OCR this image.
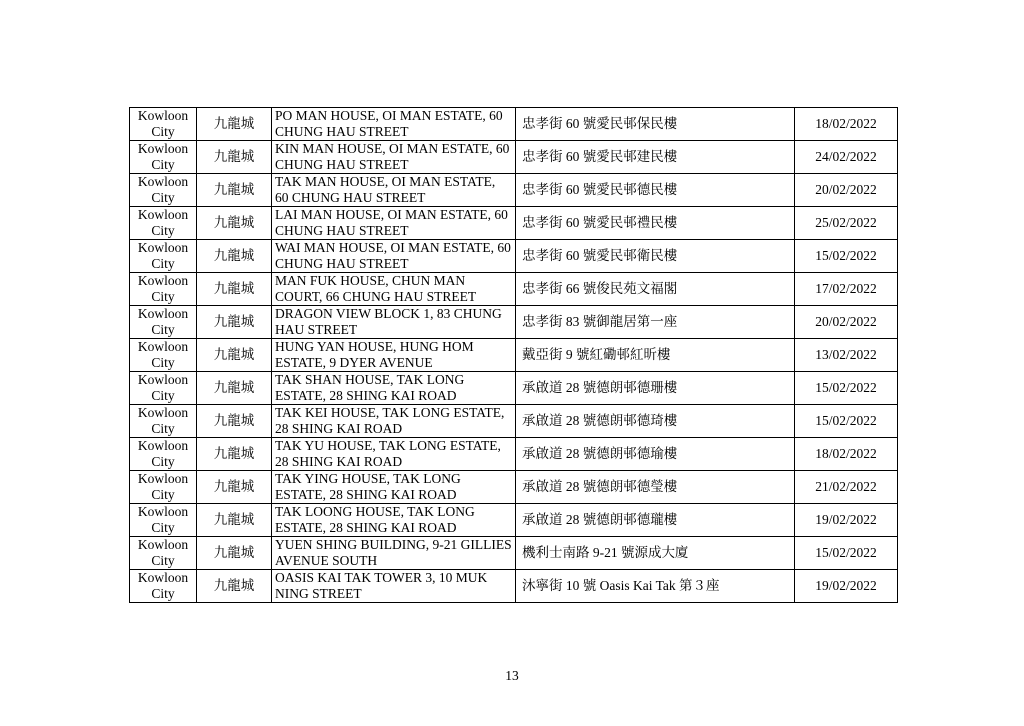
Kowloon City	九龍城	PO MAN HOUSE, OI MAN ESTATE, 60 CHUNG HAU STREET	忠孝街 60 號愛民邨保民樓	18/02/2022
Kowloon City	九龍城	KIN MAN HOUSE, OI MAN ESTATE, 60 CHUNG HAU STREET	忠孝街 60 號愛民邨建民樓	24/02/2022
Kowloon City	九龍城	TAK MAN HOUSE, OI MAN ESTATE, 60 CHUNG HAU STREET	忠孝街 60 號愛民邨德民樓	20/02/2022
Kowloon City	九龍城	LAI MAN HOUSE, OI MAN ESTATE, 60 CHUNG HAU STREET	忠孝街 60 號愛民邨禮民樓	25/02/2022
Kowloon City	九龍城	WAI MAN HOUSE, OI MAN ESTATE, 60 CHUNG HAU STREET	忠孝街 60 號愛民邨衛民樓	15/02/2022
Kowloon City	九龍城	MAN FUK HOUSE, CHUN MAN COURT, 66 CHUNG HAU STREET	忠孝街 66 號俊民苑文福閣	17/02/2022
Kowloon City	九龍城	DRAGON VIEW BLOCK 1, 83 CHUNG HAU STREET	忠孝街 83 號御龍居第一座	20/02/2022
Kowloon City	九龍城	HUNG YAN HOUSE, HUNG HOM ESTATE, 9 DYER AVENUE	戴亞街 9 號紅磡邨紅昕樓	13/02/2022
Kowloon City	九龍城	TAK SHAN HOUSE, TAK LONG ESTATE, 28 SHING KAI ROAD	承啟道 28 號德朗邨德珊樓	15/02/2022
Kowloon City	九龍城	TAK KEI HOUSE, TAK LONG ESTATE, 28 SHING KAI ROAD	承啟道 28 號德朗邨德琦樓	15/02/2022
Kowloon City	九龍城	TAK YU HOUSE, TAK LONG ESTATE, 28 SHING KAI ROAD	承啟道 28 號德朗邨德瑜樓	18/02/2022
Kowloon City	九龍城	TAK YING HOUSE, TAK LONG ESTATE, 28 SHING KAI ROAD	承啟道 28 號德朗邨德瑩樓	21/02/2022
Kowloon City	九龍城	TAK LOONG HOUSE, TAK LONG ESTATE, 28 SHING KAI ROAD	承啟道 28 號德朗邨德瓏樓	19/02/2022
Kowloon City	九龍城	YUEN SHING BUILDING, 9-21 GILLIES AVENUE SOUTH	機利士南路 9-21 號源成大廈	15/02/2022
Kowloon City	九龍城	OASIS KAI TAK TOWER 3, 10 MUK NING STREET	沐寧街 10 號 Oasis Kai Tak 第３座	19/02/2022
13
